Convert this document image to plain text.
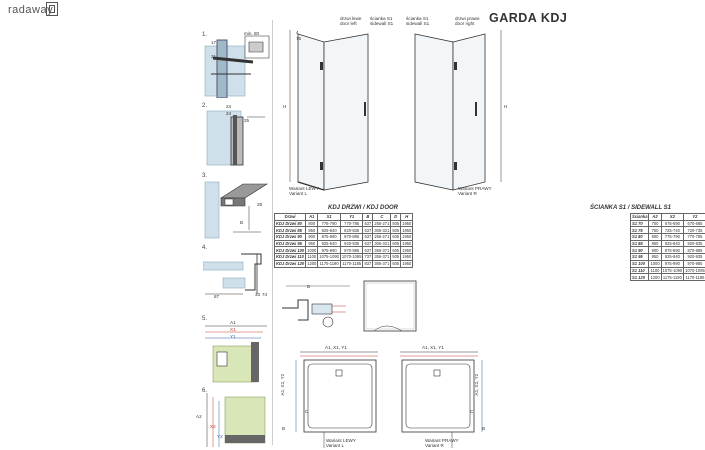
radaway
GARDA KDJ
1.	min. 80
17
21
2.	24
24
25
3.
28
B
4.
87	33 74
5.
A1
X1
Y1
6.
A2
X2
Y2
drzwi lewe
door left
ścianka S1
sidewall S1
H
75
4
Wariant LEWY
Variant L
ścianka S1
sidewall S1
drzwi prawe
door right
H
Wariant PRAWY
Variant R
KDJ DRZWI / KDJ DOOR
Drzwi	A1	X1	Y1	B	C	D	H
KDJ Drzwi 80	800	775-790	770-785	537	256-271	505	1950
KDJ Drzwi 85	850	825-840	820-835	537	306-321	505	1950
KDJ Drzwi 90	900	875-890	870-885	537	256-271	605	1950
KDJ Drzwi 95	950	925-940	920-935	537	306-321	605	1950
KDJ Drzwi 100	1000	975-990	970-985	537	356-371	605	1950
KDJ Drzwi 110	1100	1075-1090	1070-1085	737	356-371	505	1950
KDJ Drzwi 120	1200	1175-1190	1170-1185	837	356-371	505	1950
ŚCIANKA S1 / SIDEWALL S1
Ścianka	A2	X2	Y2
S1 70	700	675-690	670-685
S1 75	750	725-740	720-735
S1 80	800	775-790	770-785
S1 85	850	825-840	820-835
S1 90	900	875-890	870-885
S1 95	950	925-940	920-935
S1 100	1000	975-990	970-985
S1 110	1100	1075-1090	1070-1085
S1 120	1200	1175-1190	1170-1185
D
A1, X1, Y1
A2, X2, Y2
B
C
Wariant LEWY
Variant L
A1, X1, Y1
A2, X2, Y2
B
C
Wariant PRAWY
Variant R
